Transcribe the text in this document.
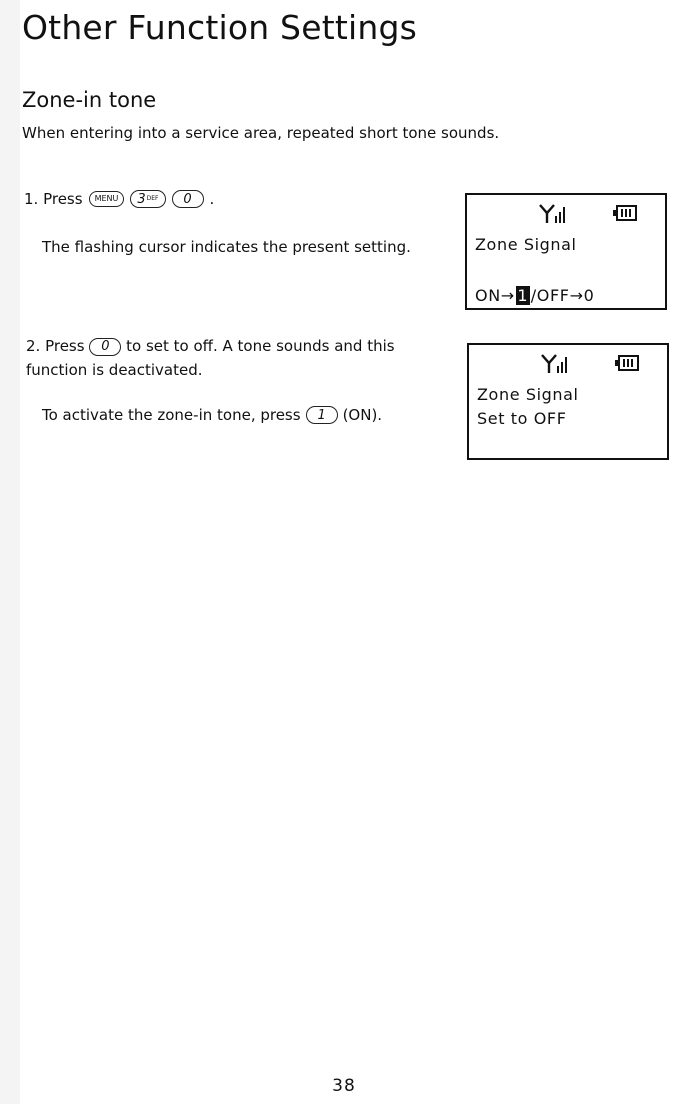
Other Function Settings
Zone-in tone
When entering into a service area, repeated short tone sounds.
1. Press	MENU	3 DEF	0	.
The flashing cursor indicates the present setting.
2. Press 0 to set to off. A tone sounds and this function is deactivated.
To activate the zone-in tone, press	1	(ON).
Zone Signal
ON→ 1 /OFF→0
Zone Signal
Set to OFF
38
